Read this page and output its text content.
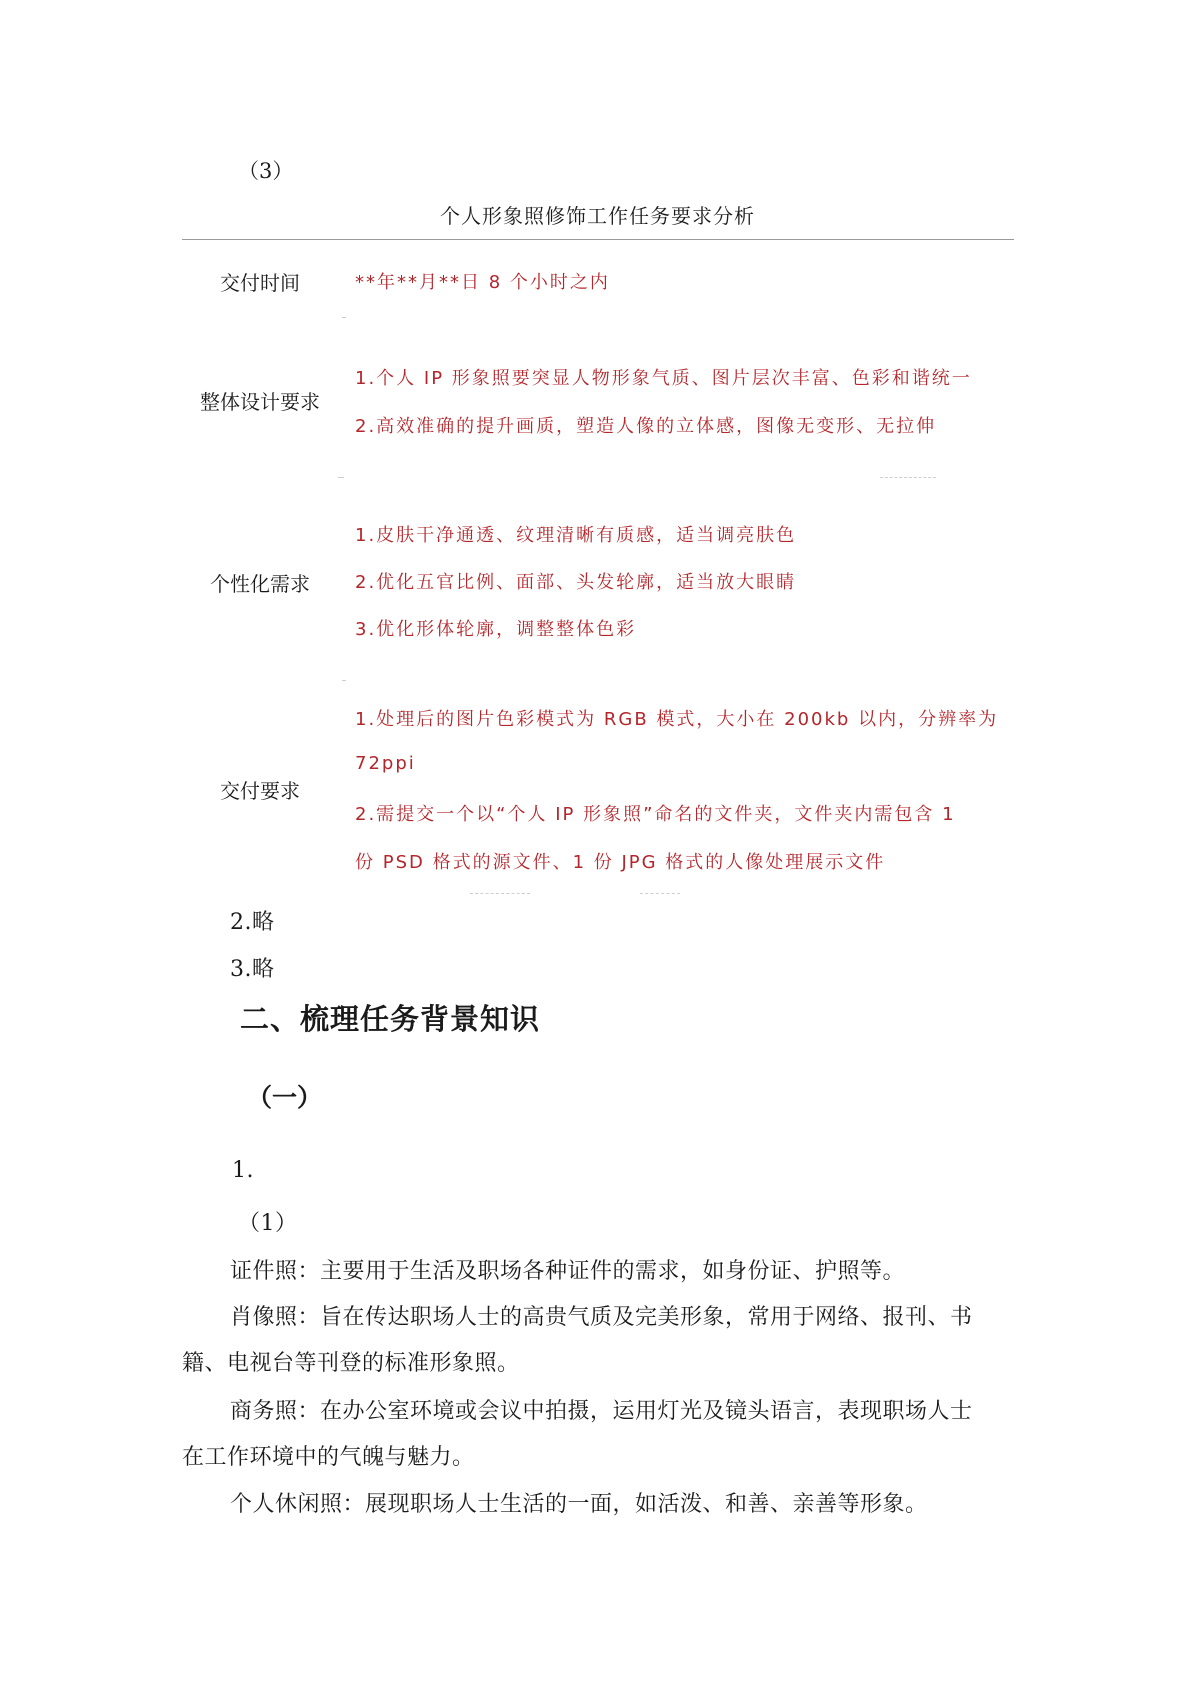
（3）
个人形象照修饰工作任务要求分析
交付时间	**年**月**日 8 个小时之内
整体设计要求
1.个人 IP 形象照要突显人物形象气质、图片层次丰富、色彩和谐统一
2.高效准确的提升画质，塑造人像的立体感，图像无变形、无拉伸
个性化需求
1.皮肤干净通透、纹理清晰有质感，适当调亮肤色
2.优化五官比例、面部、头发轮廓，适当放大眼睛
3.优化形体轮廓，调整整体色彩
交付要求
1.处理后的图片色彩模式为 RGB 模式，大小在 200kb 以内，分辨率为
72ppi
2.需提交一个以“个人 IP 形象照”命名的文件夹，文件夹内需包含 1
份 PSD 格式的源文件、1 份 JPG 格式的人像处理展示文件
2.略
3.略
二、梳理任务背景知识
（一）
1.
（1）
证件照：主要用于生活及职场各种证件的需求，如身份证、护照等。
肖像照：旨在传达职场人士的高贵气质及完美形象，常用于网络、报刊、书
籍、电视台等刊登的标准形象照。
商务照：在办公室环境或会议中拍摄，运用灯光及镜头语言，表现职场人士
在工作环境中的气魄与魅力。
个人休闲照：展现职场人士生活的一面，如活泼、和善、亲善等形象。
